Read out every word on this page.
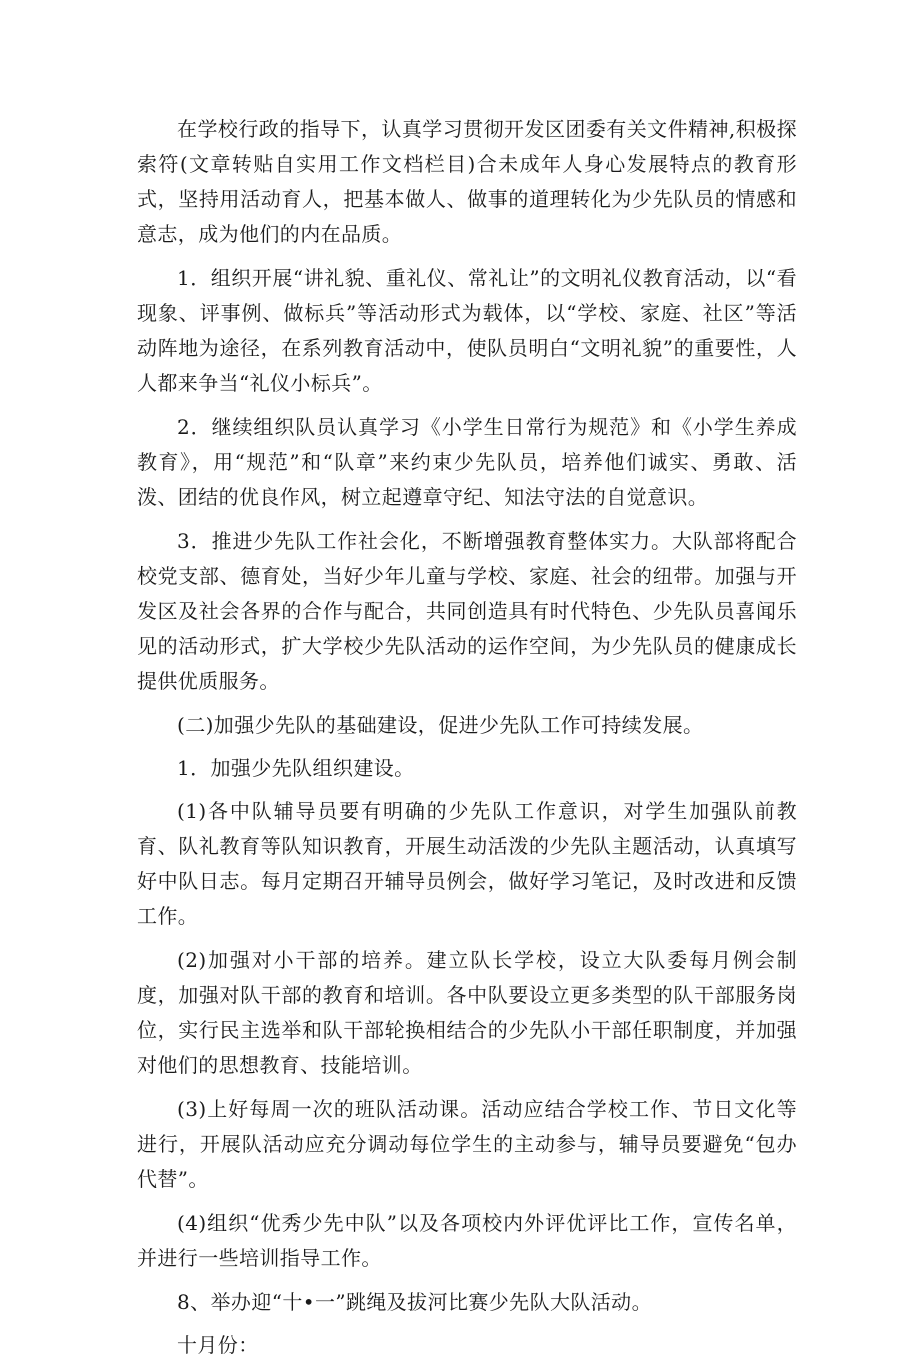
在学校行政的指导下，认真学习贯彻开发区团委有关文件精神,积极探索符(文章转贴自实用工作文档栏目)合未成年人身心发展特点的教育形式，坚持用活动育人，把基本做人、做事的道理转化为少先队员的情感和意志，成为他们的内在品质。

1．组织开展“讲礼貌、重礼仪、常礼让”的文明礼仪教育活动，以“看现象、评事例、做标兵”等活动形式为载体，以“学校、家庭、社区”等活动阵地为途径，在系列教育活动中，使队员明白“文明礼貌”的重要性，人人都来争当“礼仪小标兵”。

2．继续组织队员认真学习《小学生日常行为规范》和《小学生养成教育》，用“规范”和“队章”来约束少先队员，培养他们诚实、勇敢、活泼、团结的优良作风，树立起遵章守纪、知法守法的自觉意识。

3．推进少先队工作社会化，不断增强教育整体实力。大队部将配合校党支部、德育处，当好少年儿童与学校、家庭、社会的纽带。加强与开发区及社会各界的合作与配合，共同创造具有时代特色、少先队员喜闻乐见的活动形式，扩大学校少先队活动的运作空间，为少先队员的健康成长提供优质服务。

(二)加强少先队的基础建设，促进少先队工作可持续发展。

1．加强少先队组织建设。

(1)各中队辅导员要有明确的少先队工作意识，对学生加强队前教育、队礼教育等队知识教育，开展生动活泼的少先队主题活动，认真填写好中队日志。每月定期召开辅导员例会，做好学习笔记，及时改进和反馈工作。

(2)加强对小干部的培养。建立队长学校，设立大队委每月例会制度，加强对队干部的教育和培训。各中队要设立更多类型的队干部服务岗位，实行民主选举和队干部轮换相结合的少先队小干部任职制度，并加强对他们的思想教育、技能培训。

(3)上好每周一次的班队活动课。活动应结合学校工作、节日文化等进行，开展队活动应充分调动每位学生的主动参与，辅导员要避免“包办代替”。

(4)组织“优秀少先中队”以及各项校内外评优评比工作，宣传名单，并进行一些培训指导工作。

8、举办迎“十•一”跳绳及拔河比赛少先队大队活动。

十月份：
